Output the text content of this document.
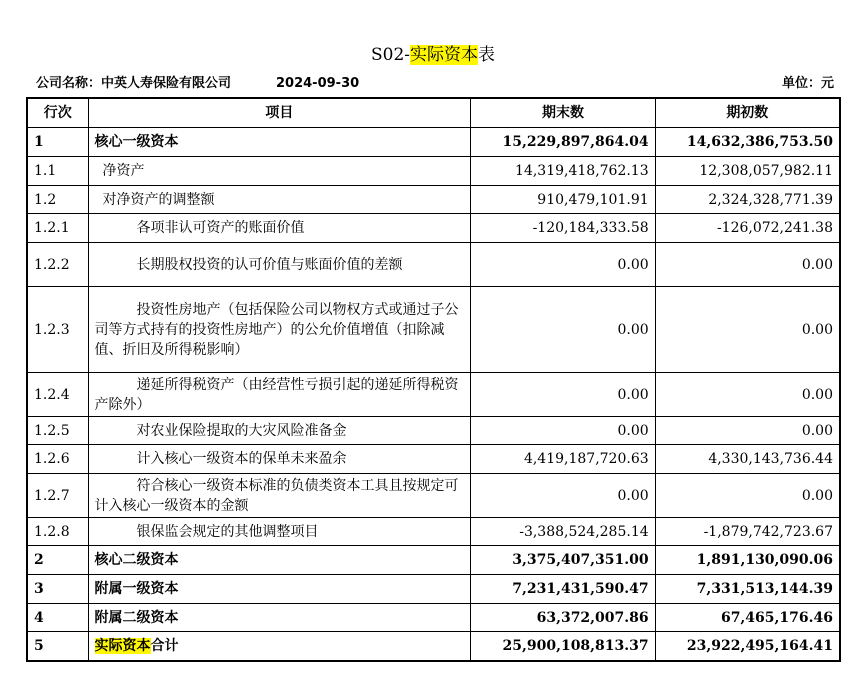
S02-实际资本表
公司名称：中英人寿保险有限公司	2024-09-30	单位：元
行次	项目	期末数	期初数
1	核心一级资本	15,229,897,864.04	14,632,386,753.50
1.1	净资产	14,319,418,762.13	12,308,057,982.11
1.2	对净资产的调整额	910,479,101.91	2,324,328,771.39
1.2.1	各项非认可资产的账面价值	-120,184,333.58	-126,072,241.38
1.2.2	长期股权投资的认可价值与账面价值的差额	0.00	0.00
1.2.3	投资性房地产（包括保险公司以物权方式或通过子公司等方式持有的投资性房地产）的公允价值增值（扣除减值、折旧及所得税影响）	0.00	0.00
1.2.4	递延所得税资产（由经营性亏损引起的递延所得税资产除外）	0.00	0.00
1.2.5	对农业保险提取的大灾风险准备金	0.00	0.00
1.2.6	计入核心一级资本的保单未来盈余	4,419,187,720.63	4,330,143,736.44
1.2.7	符合核心一级资本标准的负债类资本工具且按规定可计入核心一级资本的金额	0.00	0.00
1.2.8	银保监会规定的其他调整项目	-3,388,524,285.14	-1,879,742,723.67
2	核心二级资本	3,375,407,351.00	1,891,130,090.06
3	附属一级资本	7,231,431,590.47	7,331,513,144.39
4	附属二级资本	63,372,007.86	67,465,176.46
5	实际资本合计	25,900,108,813.37	23,922,495,164.41
